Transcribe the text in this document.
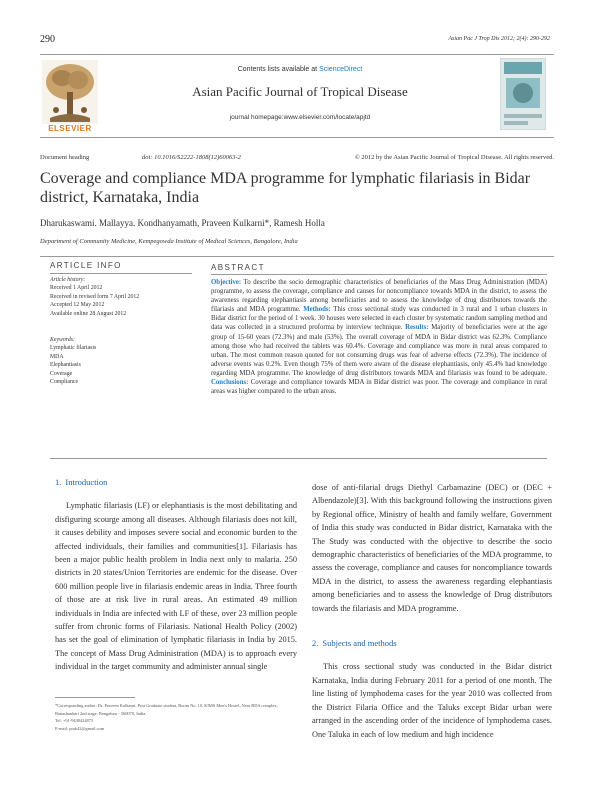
290	Asian Pac J Trop Dis 2012; 2(4): 290-292
ELSEVIER
Contents lists available at ScienceDirect
Asian Pacific Journal of Tropical Disease
journal homepage:www.elsevier.com/locate/apjtd
Document heading	doi: 10.1016/S2222-1808(12)60063-2	© 2012 by the Asian Pacific Journal of Tropical Disease. All rights reserved.
Coverage and compliance MDA programme for lymphatic filariasis in Bidar district, Karnataka, India
Dharukaswami. Mallayya. Kondhanyamath, Praveen Kulkarni*, Ramesh Holla
Department of Community Medicine, Kempegowda Institute of Medical Sciences, Bangalore, India
ARTICLE INFO	ABSTRACT
Article history:
Received 1 April 2012
Received in revised form 7 April 2012
Accepted 12 May 2012
Available online 28 August 2012
Keywords:
Lymphatic filariasis
MDA
Elephantiasis
Coverage
Compliance
Objective: To describe the socio demographic characteristics of beneficiaries of the Mass Drug Administration (MDA) programme, to assess the coverage, compliance and causes for noncompliance towards MDA in the district, to assess the awareness regarding elephantiasis among beneficiaries and to assess the knowledge of drug distributors towards the filariasis and MDA programme. Methods: This cross sectional study was conducted in 3 rural and 1 urban clusters in Bidar district for the period of 1 week. 30 houses were selected in each cluster by systematic random sampling method and data was collected in a structured proforma by interview technique. Results: Majority of beneficiaries were at the age group of 15-60 years (72.3%) and male (53%). The overall coverage of MDA in Bidar district was 62.3%. Compliance among those who had received the tablets was 60.4%. Coverage and compliance was more in rural areas compared to urban. The most common reason quoted for not consuming drugs was fear of adverse effects (72.3%). The incidence of adverse events was 0.2%. Even though 75% of them were aware of the disease elephantiasis, only 45.4% had knowledge regarding MDA programme. The knowledge of drug distributors towards MDA and filariasis was found to be adequate. Conclusions: Coverage and compliance towards MDA in Bidar district was poor. The coverage and compliance in rural areas was higher compared to the urban areas.
1. Introduction

Lymphatic filariasis (LF) or elephantiasis is the most debilitating and disfiguring scourge among all diseases. Although filariasis does not kill, it causes debility and imposes severe social and economic burden to the affected individuals, their families and communities[1]. Filariasis has been a major public health problem in India next only to malaria. 250 districts in 20 states/Union Territories are endemic for the disease. Over 600 million people live in filariasis endemic areas in India. Three fourth of those are at risk live in rural areas. An estimated 49 million individuals in India are infected with LF of these, over 23 million people suffer from chronic forms of Filariasis. National Health Policy (2002) has set the goal of elimination of lymphatic filariasis in India by 2015. The concept of Mass Drug Administration (MDA) is to approach every individual in the target community and administer annual single

dose of anti-filarial drugs Diethyl Carbamazine (DEC) or (DEC + Albendazole)[3]. With this background following the instructions given by Regional office, Ministry of health and family welfare, Government of India this study was conducted in Bidar district, Karnataka with the The Study was conducted with the objective to describe the socio demographic characteristics of beneficiaries of the MDA programme, to assess the coverage, compliance and causes for noncompliance towards MDA in the district, to assess the awareness regarding elephantiasis among beneficiaries and to assess the knowledge of Drug distributors towards the filariasis and MDA programme.

2. Subjects and methods

This cross sectional study was conducted in the Bidar district Karnataka, India during February 2011 for a period of one month. The line listing of lymphodema cases for the year 2010 was collected from the District Filaria Office and the Taluks except Bidar urban were arranged in the ascending order of the incidence of lymphodema cases. One Taluka in each of low medium and high incidence

*Corresponding author: Dr. Praveen Kulkarni, Post Graduate student, Room No. 10, KIMS Men's Hostel, Near BDA complex, Banashankari 2nd stage, Bengaluru - 560070, India.
Tel: +91-9448424875
E-mail: prak42@gmail.com
